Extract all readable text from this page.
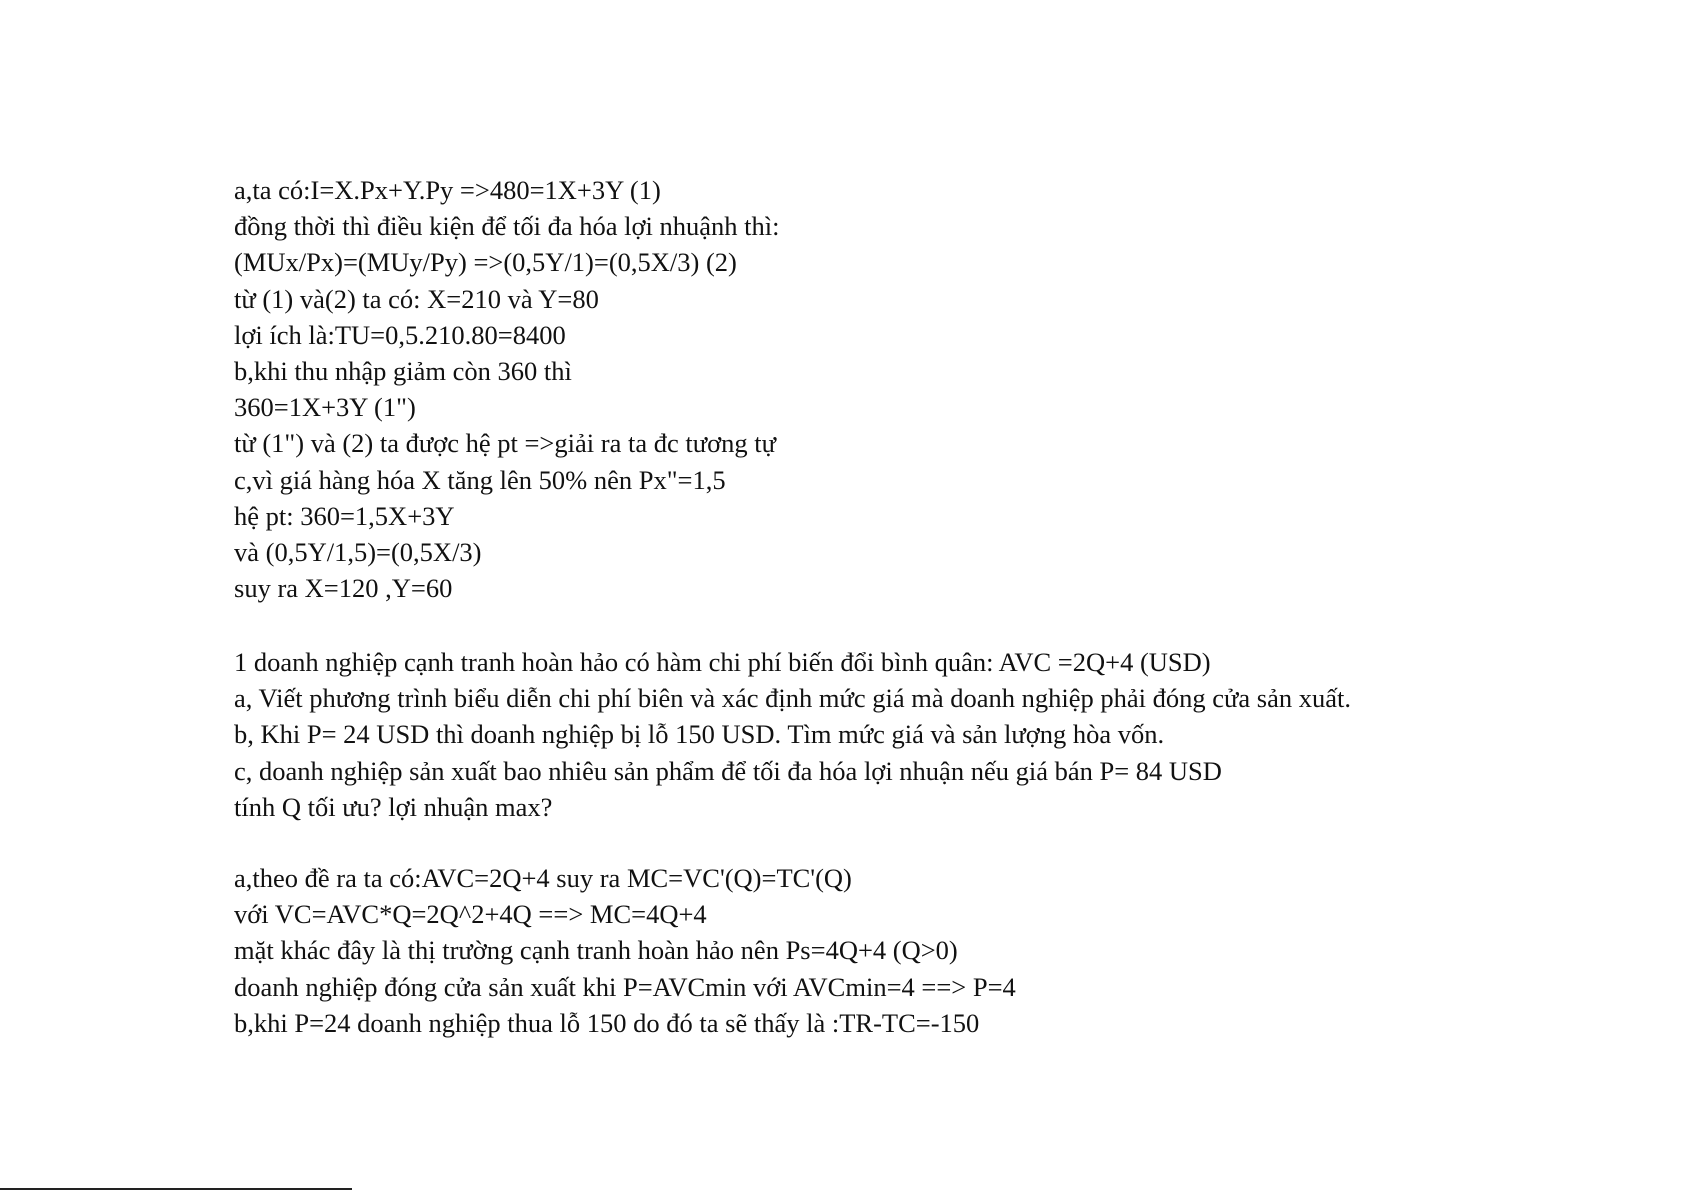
a,ta có:I=X.Px+Y.Py =>480=1X+3Y (1)
đồng thời thì điều kiện để tối đa hóa lợi nhuậnh thì:
(MUx/Px)=(MUy/Py) =>(0,5Y/1)=(0,5X/3) (2)
từ (1) và(2) ta có: X=210 và Y=80
lợi ích là:TU=0,5.210.80=8400
b,khi thu nhập giảm còn 360 thì
360=1X+3Y (1")
từ (1") và (2) ta được hệ pt =>giải ra ta đc tương tự
c,vì giá hàng hóa X tăng lên 50% nên Px"=1,5
hệ pt: 360=1,5X+3Y
và (0,5Y/1,5)=(0,5X/3)
suy ra X=120 ,Y=60
1 doanh nghiệp cạnh tranh hoàn hảo có hàm chi phí biến đổi bình quân: AVC =2Q+4 (USD)
a, Viết phương trình biểu diễn chi phí biên và xác định mức giá mà doanh nghiệp phải đóng cửa sản xuất.
b, Khi P= 24 USD thì doanh nghiệp bị lỗ 150 USD. Tìm mức giá và sản lượng hòa vốn.
c, doanh nghiệp sản xuất bao nhiêu sản phẩm để tối đa hóa lợi nhuận nếu giá bán P= 84 USD
tính Q tối ưu? lợi nhuận max?
a,theo đề ra ta có:AVC=2Q+4 suy ra MC=VC'(Q)=TC'(Q)
với VC=AVC*Q=2Q^2+4Q ==> MC=4Q+4
mặt khác đây là thị trường cạnh tranh hoàn hảo nên Ps=4Q+4 (Q>0)
doanh nghiệp đóng cửa sản xuất khi P=AVCmin với AVCmin=4 ==> P=4
b,khi P=24 doanh nghiệp thua lỗ 150 do đó ta sẽ thấy là :TR-TC=-150
